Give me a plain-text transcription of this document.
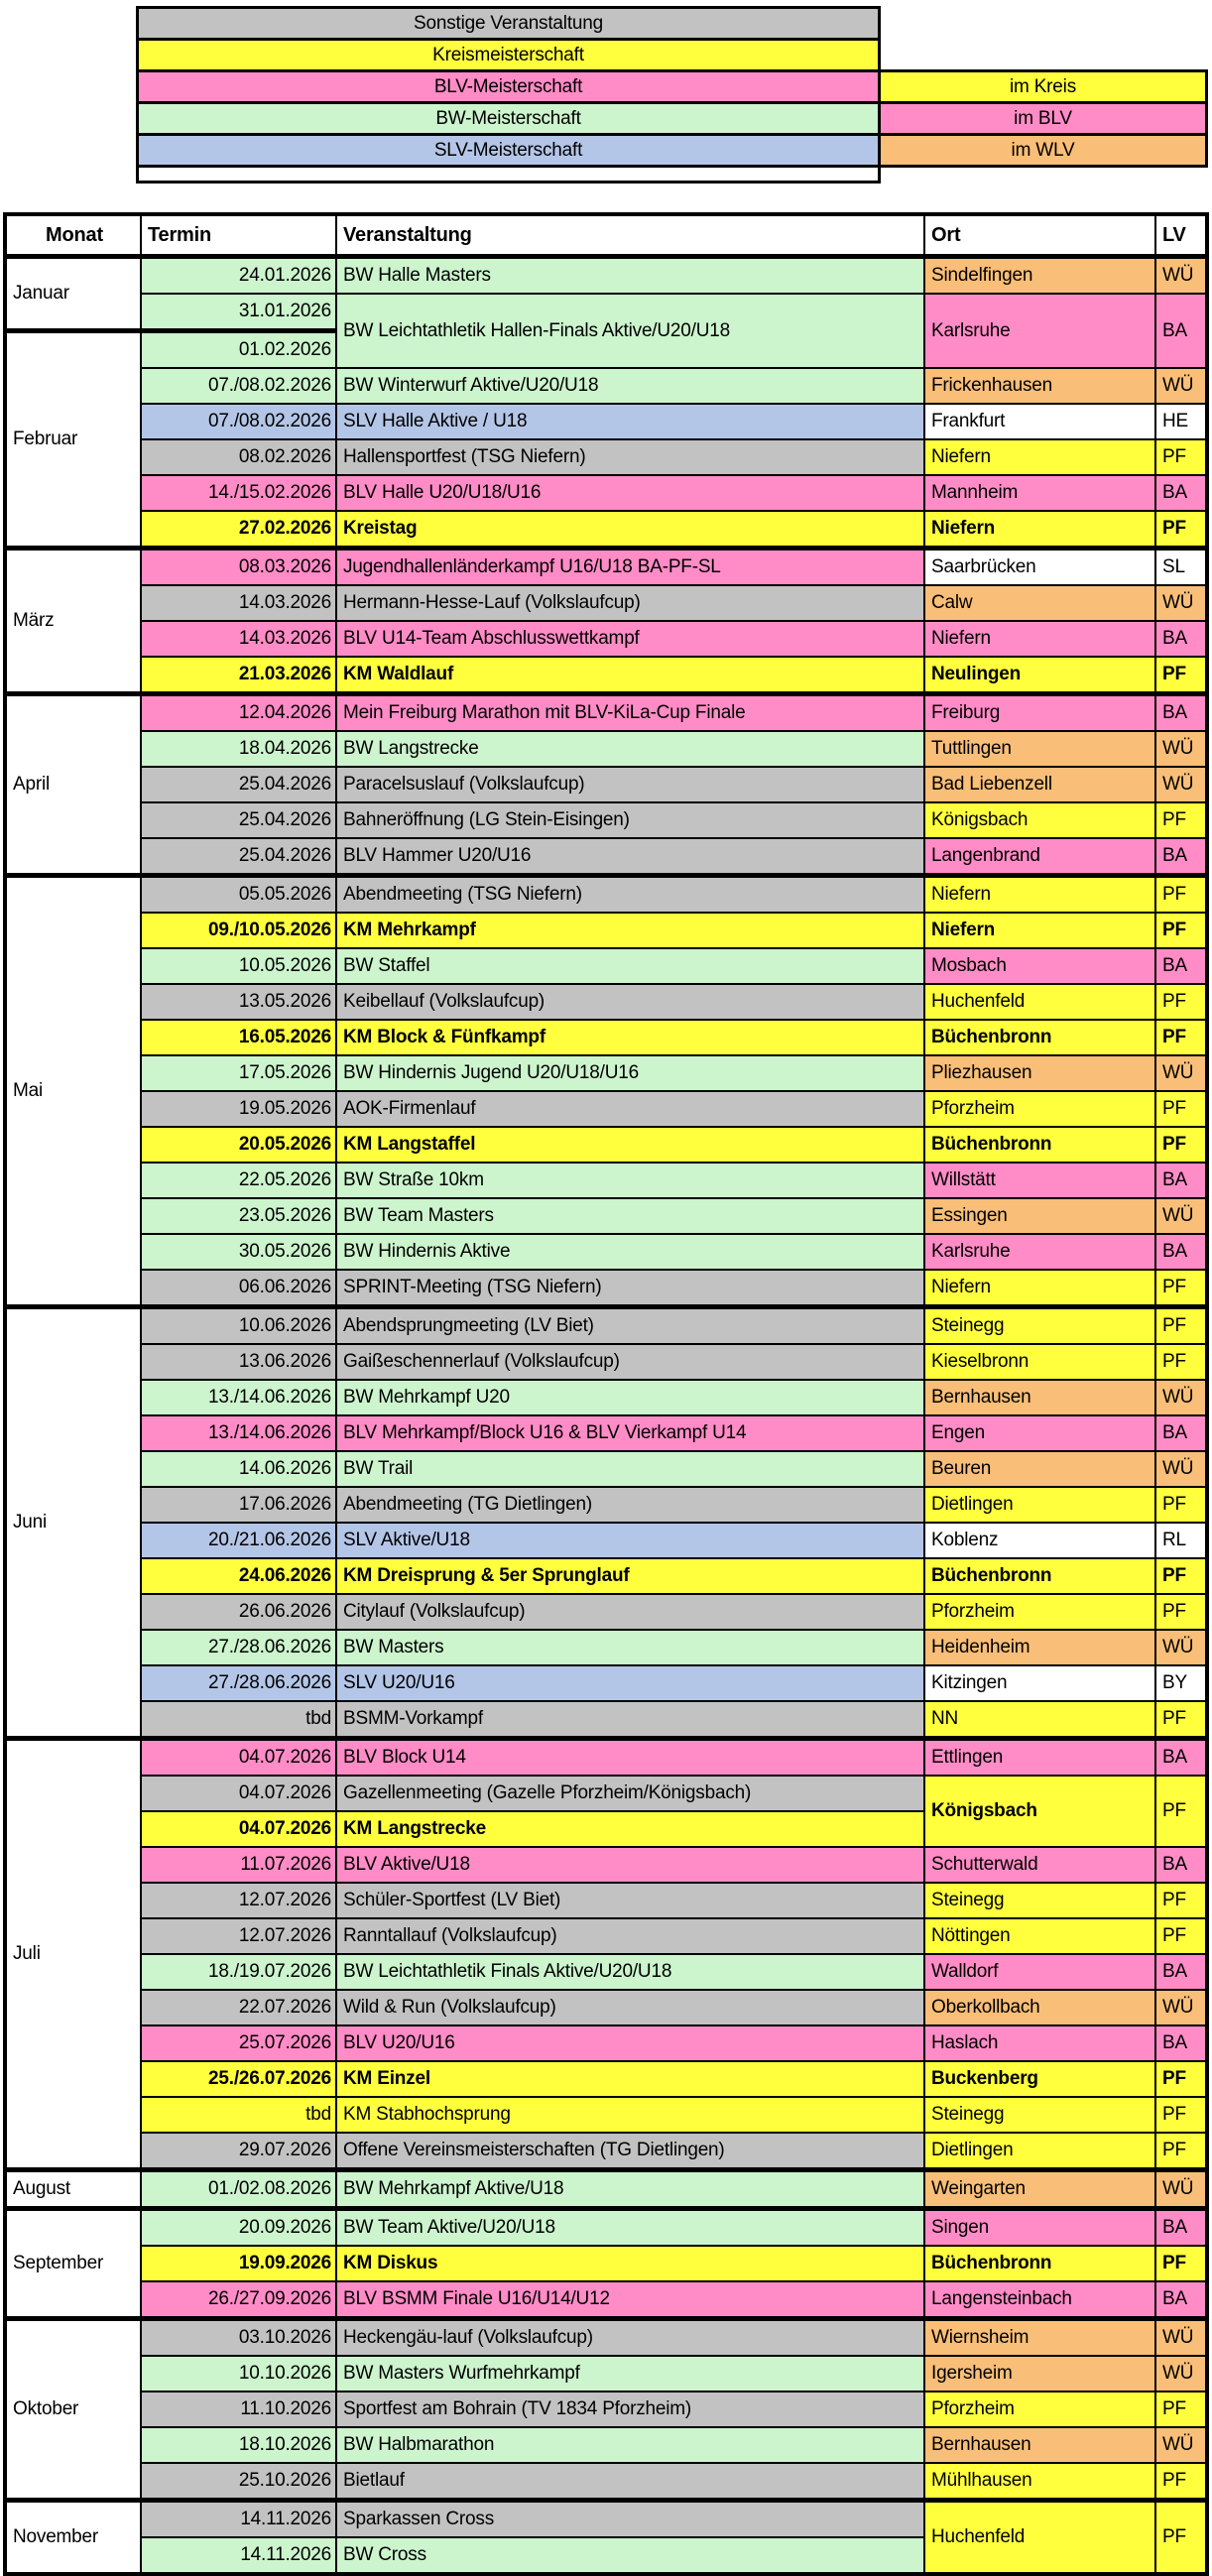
Sonstige Veranstaltung	
Kreismeisterschaft	
BLV-Meisterschaft	im Kreis
BW-Meisterschaft	im BLV
SLV-Meisterschaft	im WLV

Monat	Termin	Veranstaltung	Ort	LV
Januar	24.01.2026	BW Halle Masters	Sindelfingen	WÜ
	31.01.2026	BW Leichtathletik Hallen-Finals Aktive/U20/U18	Karlsruhe	BA
Februar	01.02.2026			
	07./08.02.2026	BW Winterwurf Aktive/U20/U18	Frickenhausen	WÜ
	07./08.02.2026	SLV Halle Aktive / U18	Frankfurt	HE
	08.02.2026	Hallensportfest (TSG Niefern)	Niefern	PF
	14./15.02.2026	BLV Halle U20/U18/U16	Mannheim	BA
	27.02.2026	Kreistag	Niefern	PF
März	08.03.2026	Jugendhallenländerkampf U16/U18 BA-PF-SL	Saarbrücken	SL
	14.03.2026	Hermann-Hesse-Lauf (Volkslaufcup)	Calw	WÜ
	14.03.2026	BLV U14-Team Abschlusswettkampf	Niefern	BA
	21.03.2026	KM Waldlauf	Neulingen	PF
April	12.04.2026	Mein Freiburg Marathon mit BLV-KiLa-Cup Finale	Freiburg	BA
	18.04.2026	BW Langstrecke	Tuttlingen	WÜ
	25.04.2026	Paracelsuslauf (Volkslaufcup)	Bad Liebenzell	WÜ
	25.04.2026	Bahneröffnung (LG Stein-Eisingen)	Königsbach	PF
	25.04.2026	BLV Hammer U20/U16	Langenbrand	BA
Mai	05.05.2026	Abendmeeting (TSG Niefern)	Niefern	PF
	09./10.05.2026	KM Mehrkampf	Niefern	PF
	10.05.2026	BW Staffel	Mosbach	BA
	13.05.2026	Keibellauf (Volkslaufcup)	Huchenfeld	PF
	16.05.2026	KM Block & Fünfkampf	Büchenbronn	PF
	17.05.2026	BW Hindernis Jugend U20/U18/U16	Pliezhausen	WÜ
	19.05.2026	AOK-Firmenlauf	Pforzheim	PF
	20.05.2026	KM Langstaffel	Büchenbronn	PF
	22.05.2026	BW Straße 10km	Willstätt	BA
	23.05.2026	BW Team Masters	Essingen	WÜ
	30.05.2026	BW Hindernis Aktive	Karlsruhe	BA
	06.06.2026	SPRINT-Meeting (TSG Niefern)	Niefern	PF
Juni	10.06.2026	Abendsprungmeeting (LV Biet)	Steinegg	PF
	13.06.2026	Gaißeschennerlauf (Volkslaufcup)	Kieselbronn	PF
	13./14.06.2026	BW Mehrkampf U20	Bernhausen	WÜ
	13./14.06.2026	BLV Mehrkampf/Block U16 & BLV Vierkampf U14	Engen	BA
	14.06.2026	BW Trail	Beuren	WÜ
	17.06.2026	Abendmeeting (TG Dietlingen)	Dietlingen	PF
	20./21.06.2026	SLV Aktive/U18	Koblenz	RL
	24.06.2026	KM Dreisprung & 5er Sprunglauf	Büchenbronn	PF
	26.06.2026	Citylauf (Volkslaufcup)	Pforzheim	PF
	27./28.06.2026	BW Masters	Heidenheim	WÜ
	27./28.06.2026	SLV U20/U16	Kitzingen	BY
	tbd	BSMM-Vorkampf	NN	PF
Juli	04.07.2026	BLV Block U14	Ettlingen	BA
	04.07.2026	Gazellenmeeting (Gazelle Pforzheim/Königsbach)	Königsbach	PF
	04.07.2026	KM Langstrecke		
	11.07.2026	BLV Aktive/U18	Schutterwald	BA
	12.07.2026	Schüler-Sportfest (LV Biet)	Steinegg	PF
	12.07.2026	Ranntallauf (Volkslaufcup)	Nöttingen	PF
	18./19.07.2026	BW Leichtathletik Finals Aktive/U20/U18	Walldorf	BA
	22.07.2026	Wild & Run (Volkslaufcup)	Oberkollbach	WÜ
	25.07.2026	BLV U20/U16	Haslach	BA
	25./26.07.2026	KM Einzel	Buckenberg	PF
	tbd	KM Stabhochsprung	Steinegg	PF
	29.07.2026	Offene Vereinsmeisterschaften (TG Dietlingen)	Dietlingen	PF
August	01./02.08.2026	BW Mehrkampf Aktive/U18	Weingarten	WÜ
September	20.09.2026	BW Team Aktive/U20/U18	Singen	BA
	19.09.2026	KM Diskus	Büchenbronn	PF
	26./27.09.2026	BLV BSMM Finale U16/U14/U12	Langensteinbach	BA
Oktober	03.10.2026	Heckengäu-lauf (Volkslaufcup)	Wiernsheim	WÜ
	10.10.2026	BW Masters Wurfmehrkampf	Igersheim	WÜ
	11.10.2026	Sportfest am Bohrain (TV 1834 Pforzheim)	Pforzheim	PF
	18.10.2026	BW Halbmarathon	Bernhausen	WÜ
	25.10.2026	Bietlauf	Mühlhausen	PF
November	14.11.2026	Sparkassen Cross	Huchenfeld	PF
	14.11.2026	BW Cross		
